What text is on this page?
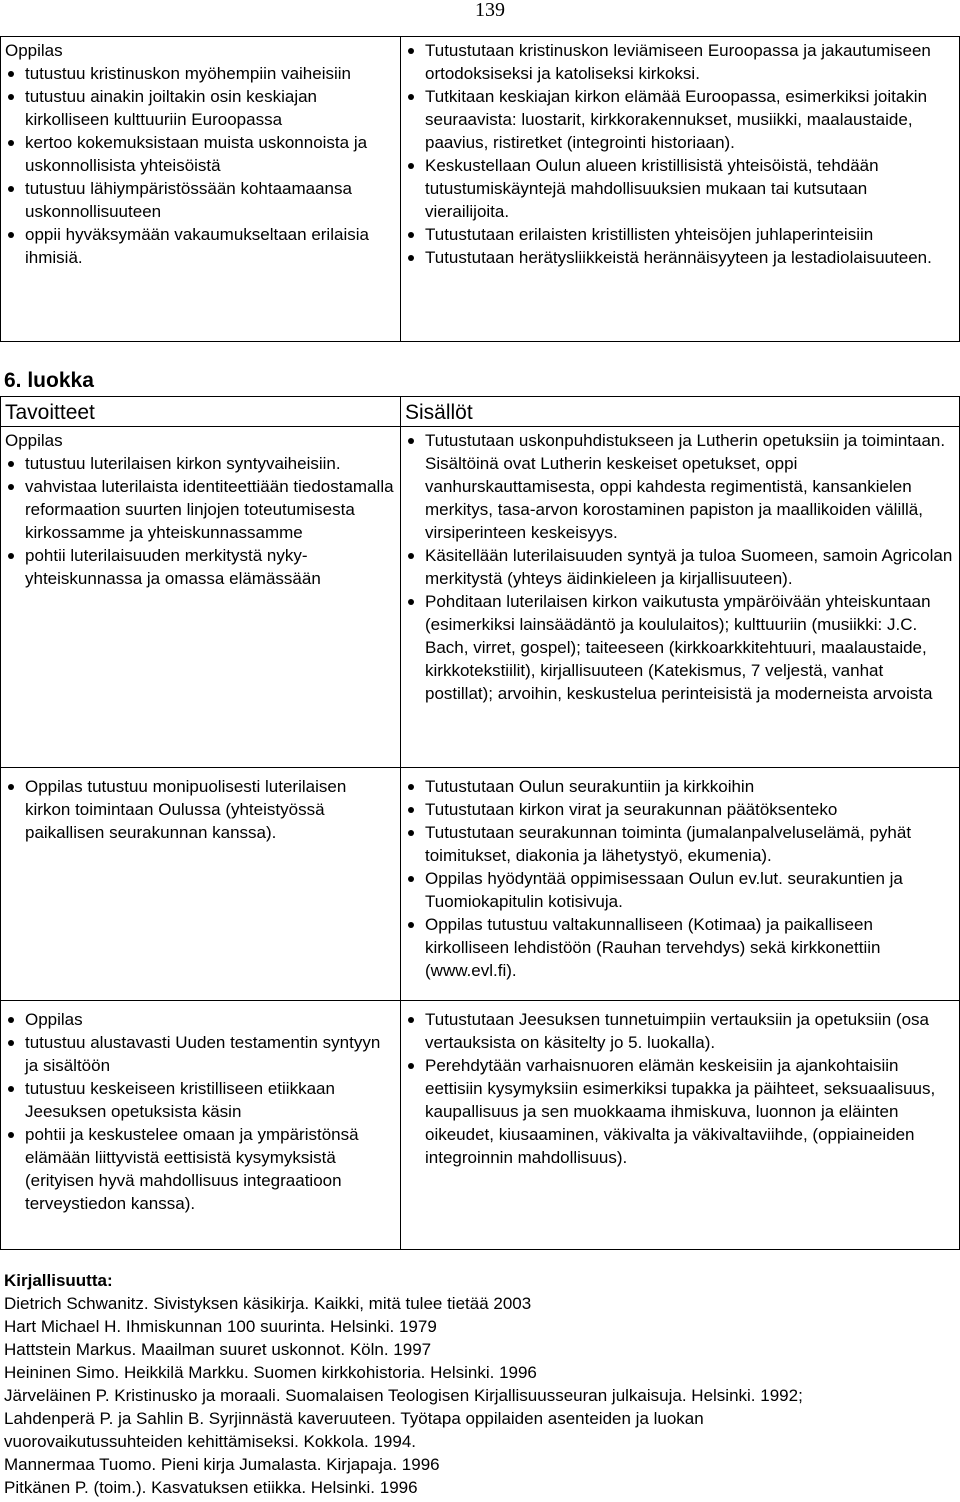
139

Oppilas

tutustuu kristinuskon myöhempiin vaiheisiin
tutustuu ainakin joiltakin osin keskiajan kirkolliseen kulttuuriin Euroopassa
kertoo kokemuksistaan muista uskonnoista ja uskonnollisista yhteisöistä
tutustuu lähiympäristössään kohtaamaansa uskonnollisuuteen
oppii hyväksymään vakaumukseltaan erilaisia ihmisiä.
Tutustutaan kristinuskon leviämiseen Euroopassa ja jakautumiseen ortodoksiseksi ja katoliseksi kirkoksi.
Tutkitaan keskiajan kirkon elämää Euroopassa, esimerkiksi joitakin seuraavista: luostarit, kirkkorakennukset, musiikki, maalaustaide, paavius, ristiretket (integrointi historiaan).
Keskustellaan Oulun alueen kristillisistä yhteisöistä, tehdään tutustumiskäyntejä mahdollisuuksien mukaan tai kutsutaan vierailijoita.
Tutustutaan erilaisten kristillisten yhteisöjen juhlaperinteisiin
Tutustutaan herätysliikkeistä herännäisyyteen ja lestadiolaisuuteen.
6. luokka
Tavoitteet	Sisällöt

Oppilas

tutustuu luterilaisen kirkon syntyvaiheisiin.
vahvistaa luterilaista identiteettiään tiedostamalla reformaation suurten linjojen toteutumisesta kirkossamme ja yhteiskunnassamme
pohtii luterilaisuuden merkitystä nyky-yhteiskunnassa ja omassa elämässään
Tutustutaan uskonpuhdistukseen ja Lutherin opetuksiin ja toimintaan. Sisältöinä ovat Lutherin keskeiset opetukset, oppi vanhurskauttamisesta, oppi kahdesta regimentistä, kansankielen merkitys, tasa-arvon korostaminen papiston ja maallikoiden välillä, virsiperinteen keskeisyys.
Käsitellään luterilaisuuden syntyä ja tuloa Suomeen, samoin Agricolan merkitystä (yhteys äidinkieleen ja kirjallisuuteen).
Pohditaan luterilaisen kirkon vaikutusta ympäröivään yhteiskuntaan (esimerkiksi lainsäädäntö ja koululaitos); kulttuuriin (musiikki: J.C. Bach, virret, gospel); taiteeseen (kirkkoarkkitehtuuri, maalaustaide, kirkkotekstiilit), kirjallisuuteen (Katekismus, 7 veljestä, vanhat postillat); arvoihin, keskustelua perinteisistä ja moderneista arvoista
Oppilas tutustuu monipuolisesti luterilaisen kirkon toimintaan Oulussa (yhteistyössä paikallisen seurakunnan kanssa).
Tutustutaan Oulun seurakuntiin ja kirkkoihin
Tutustutaan kirkon virat ja seurakunnan päätöksenteko
Tutustutaan seurakunnan toiminta (jumalanpalveluselämä, pyhät toimitukset, diakonia ja lähetystyö, ekumenia).
Oppilas hyödyntää oppimisessaan Oulun ev.lut. seurakuntien ja Tuomiokapitulin kotisivuja.
Oppilas tutustuu valtakunnalliseen (Kotimaa) ja paikalliseen kirkolliseen lehdistöön (Rauhan tervehdys) sekä kirkkonettiin (www.evl.fi).
Oppilas
tutustuu alustavasti Uuden testamentin syntyyn ja sisältöön
tutustuu keskeiseen kristilliseen etiikkaan Jeesuksen opetuksista käsin
pohtii ja keskustelee omaan ja ympäristönsä elämään liittyvistä eettisistä kysymyksistä (erityisen hyvä mahdollisuus integraatioon terveystiedon kanssa).
Tutustutaan Jeesuksen tunnetuimpiin vertauksiin ja opetuksiin (osa vertauksista on käsitelty jo 5. luokalla).
Perehdytään varhaisnuoren elämän keskeisiin ja ajankohtaisiin eettisiin kysymyksiin esimerkiksi tupakka ja päihteet, seksuaalisuus, kaupallisuus ja sen muokkaama ihmiskuva, luonnon ja eläinten oikeudet, kiusaaminen, väkivalta ja väkivaltaviihde, (oppiaineiden integroinnin mahdollisuus).

Kirjallisuutta:

Dietrich Schwanitz. Sivistyksen käsikirja. Kaikki, mitä tulee tietää 2003

Hart Michael H. Ihmiskunnan 100 suurinta. Helsinki. 1979

Hattstein Markus. Maailman suuret uskonnot. Köln. 1997

Heininen Simo. Heikkilä Markku. Suomen kirkkohistoria. Helsinki. 1996

Järveläinen P. Kristinusko ja moraali. Suomalaisen Teologisen Kirjallisuusseuran julkaisuja. Helsinki. 1992;

Lahdenperä P. ja Sahlin B. Syrjinnästä kaveruuteen. Työtapa oppilaiden asenteiden ja luokan vuorovaikutussuhteiden kehittämiseksi. Kokkola. 1994.

Mannermaa Tuomo. Pieni kirja Jumalasta. Kirjapaja. 1996

Pitkänen P. (toim.). Kasvatuksen etiikka. Helsinki. 1996
